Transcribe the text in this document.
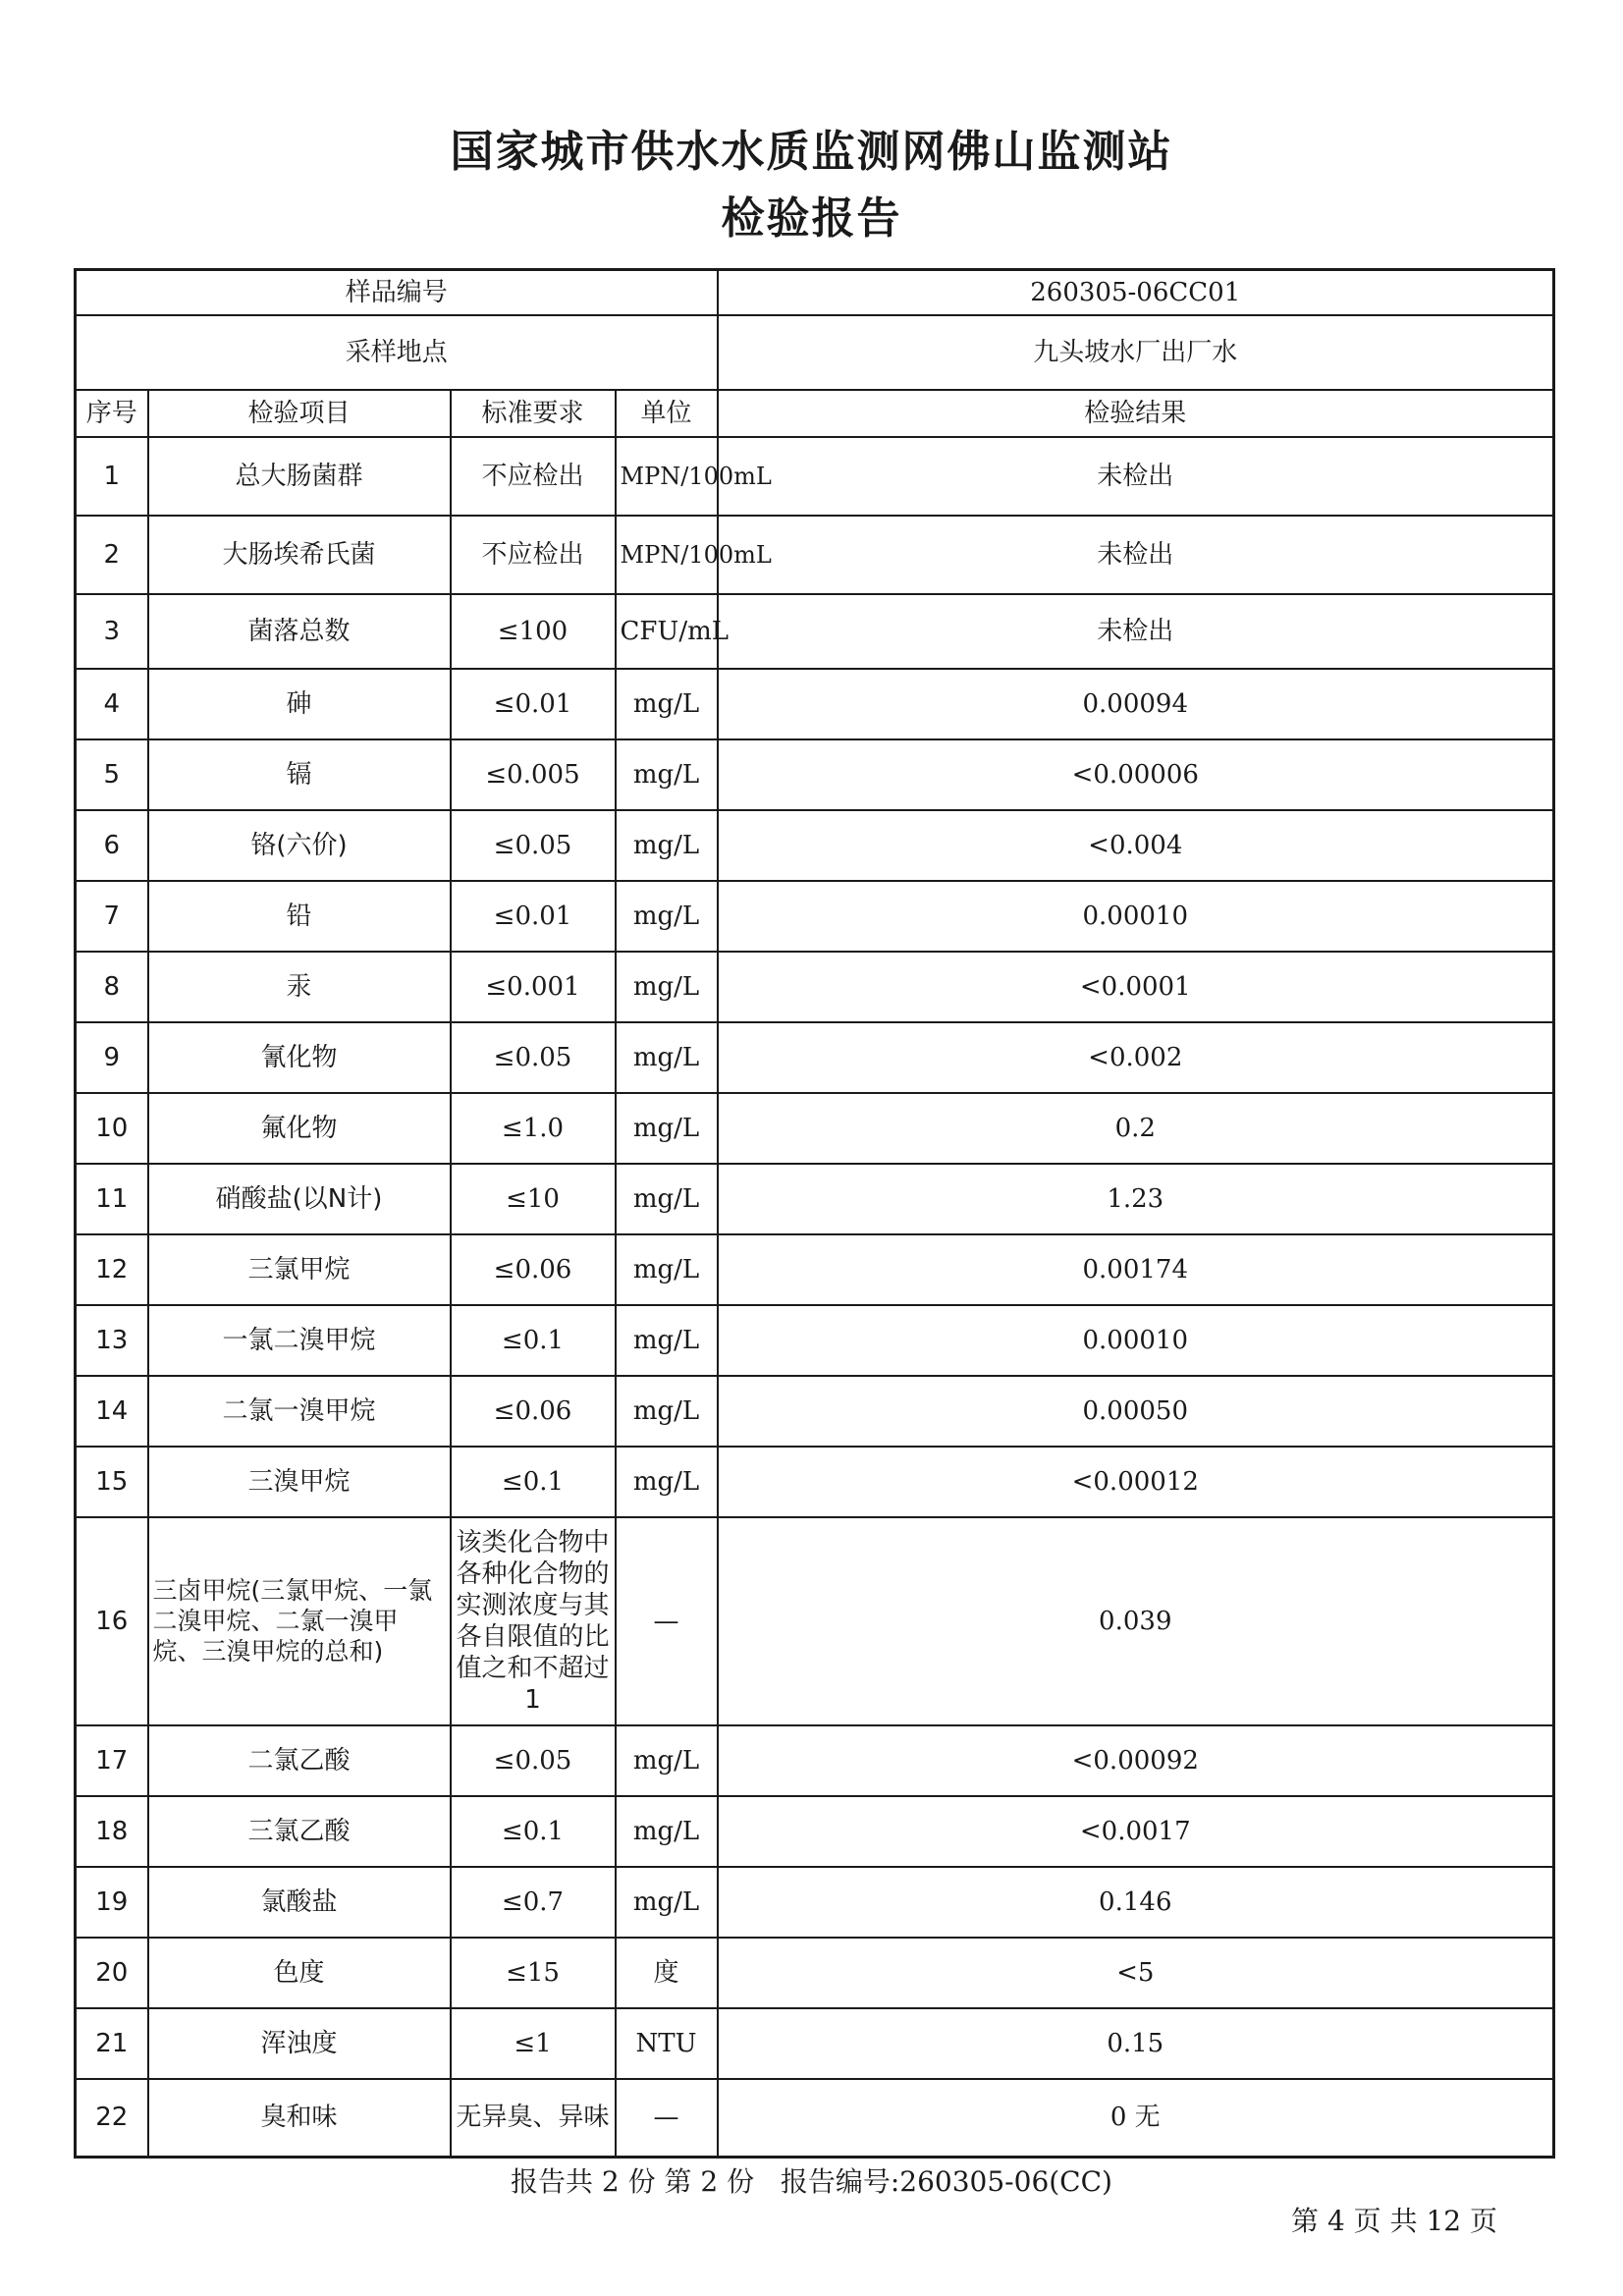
国家城市供水水质监测网佛山监测站
检验报告
样品编号				260305-06CC01
采样地点				九头坡水厂出厂水
序号	检验项目	标准要求	单位	检验结果
1	总大肠菌群	不应检出	MPN/100mL	未检出
2	大肠埃希氏菌	不应检出	MPN/100mL	未检出
3	菌落总数	≤100	CFU/mL	未检出
4	砷	≤0.01	mg/L	0.00094
5	镉	≤0.005	mg/L	<0.00006
6	铬(六价)	≤0.05	mg/L	<0.004
7	铅	≤0.01	mg/L	0.00010
8	汞	≤0.001	mg/L	<0.0001
9	氰化物	≤0.05	mg/L	<0.002
10	氟化物	≤1.0	mg/L	0.2
11	硝酸盐(以N计)	≤10	mg/L	1.23
12	三氯甲烷	≤0.06	mg/L	0.00174
13	一氯二溴甲烷	≤0.1	mg/L	0.00010
14	二氯一溴甲烷	≤0.06	mg/L	0.00050
15	三溴甲烷	≤0.1	mg/L	<0.00012
16	三卤甲烷(三氯甲烷、一氯二溴甲烷、二氯一溴甲烷、三溴甲烷的总和)	该类化合物中各种化合物的实测浓度与其各自限值的比值之和不超过1	—	0.039
17	二氯乙酸	≤0.05	mg/L	<0.00092
18	三氯乙酸	≤0.1	mg/L	<0.0017
19	氯酸盐	≤0.7	mg/L	0.146
20	色度	≤15	度	<5
21	浑浊度	≤1	NTU	0.15
22	臭和味	无异臭、异味	—	0 无
报告共 2 份 第 2 份   报告编号:260305-06(CC)
第 4 页 共 12 页
